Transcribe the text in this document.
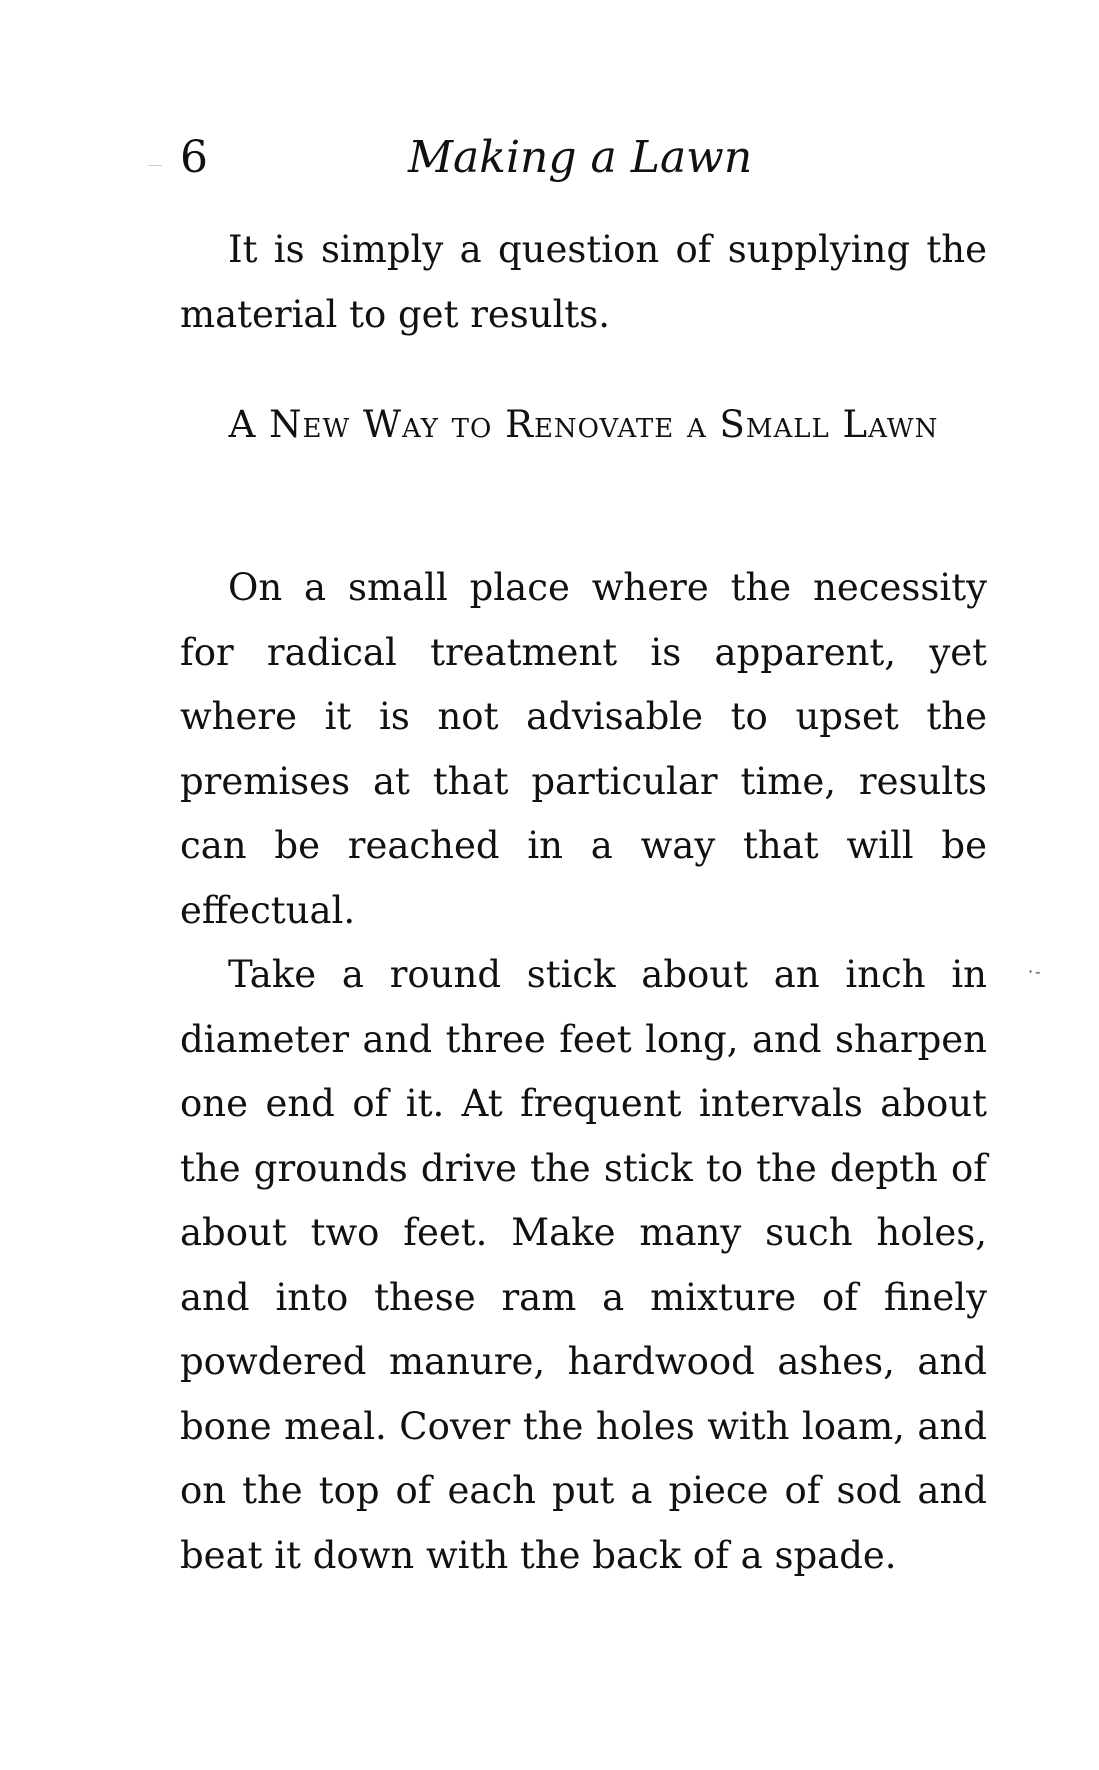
6	Making a Lawn

It is simply a question of supplying the material to get results.

A New Way to Renovate a Small Lawn

On a small place where the necessity for radical treatment is apparent, yet where it is not advisable to upset the premises at that particular time, results can be reached in a way that will be effectual.

Take a round stick about an inch in diameter and three feet long, and sharpen one end of it. At frequent intervals about the grounds drive the stick to the depth of about two feet. Make many such holes, and into these ram a mixture of finely powdered manure, hardwood ashes, and bone meal. Cover the holes with loam, and on the top of each put a piece of sod and beat it down with the back of a spade.

·-
